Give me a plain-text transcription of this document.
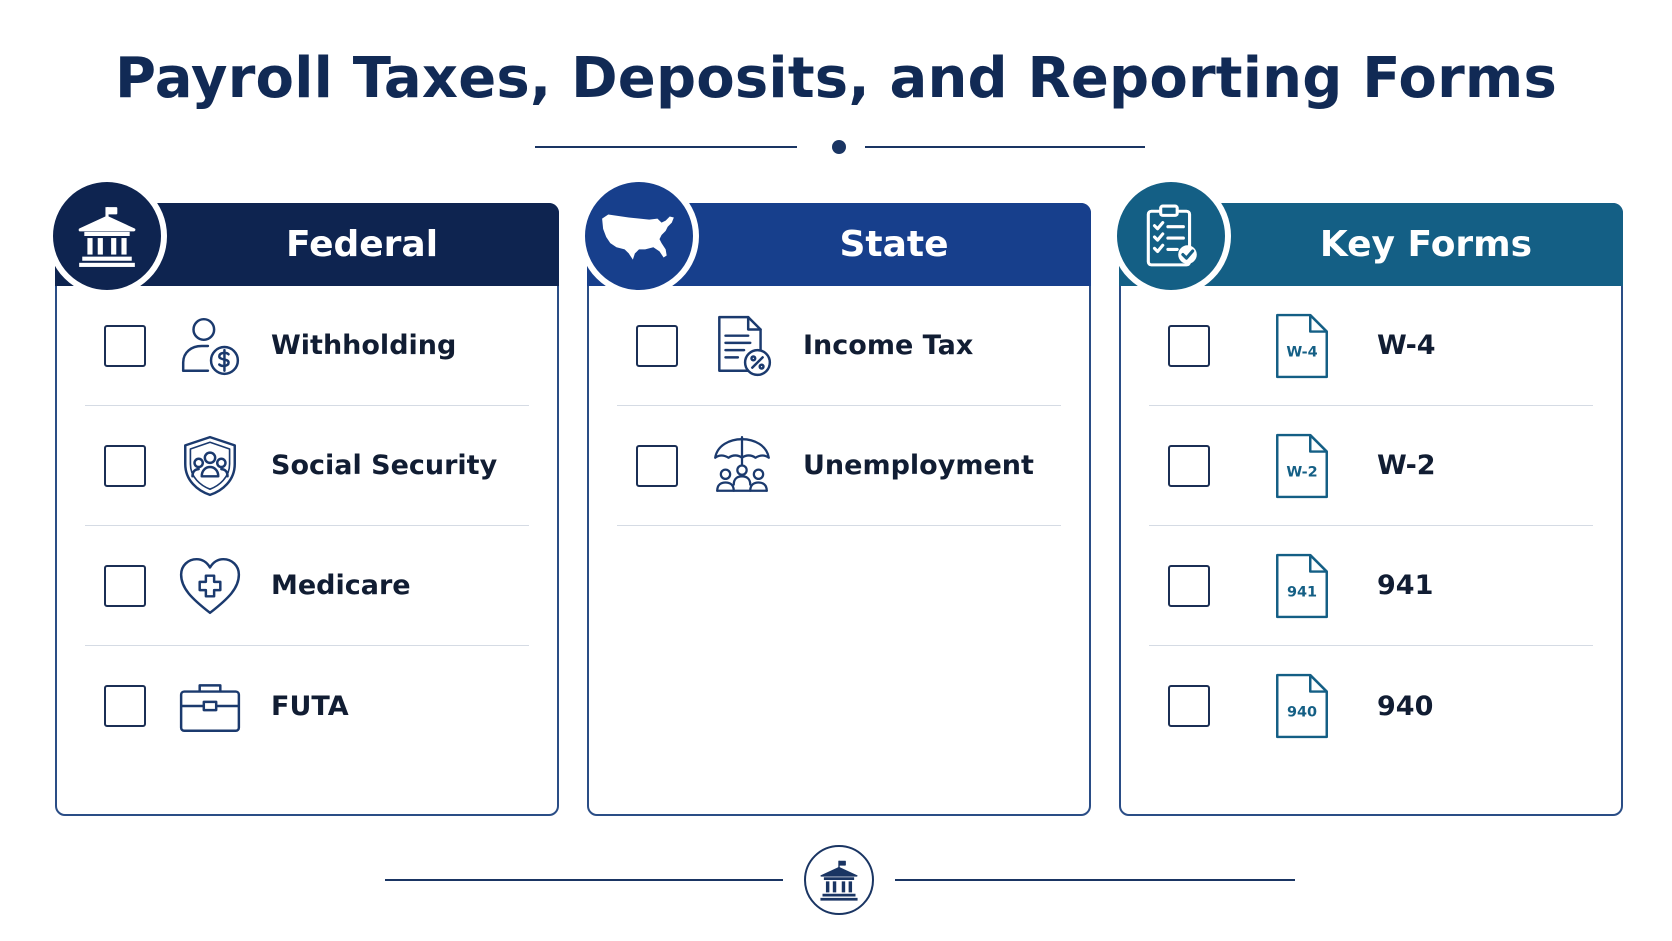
Payroll Taxes, Deposits, and Reporting Forms
Federal
Withholding
Social Security
Medicare
FUTA
State
Income Tax
Unemployment
Key Forms
W-4 W-4
W-2 W-2
941 941
940 940
